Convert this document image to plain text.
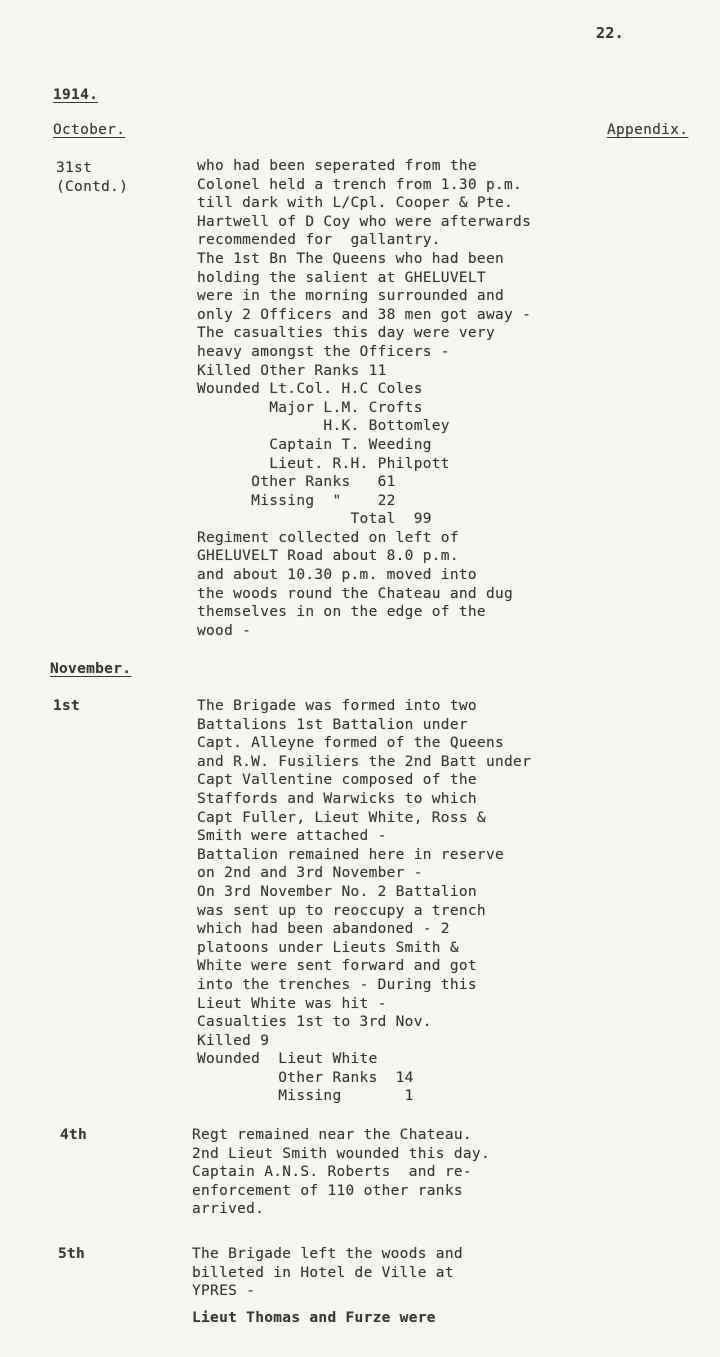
22.
1914.
October.	Appendix.
31st
(Contd.)
who had been seperated from the
Colonel held a trench from 1.30 p.m.
till dark with L/Cpl. Cooper & Pte.
Hartwell of D Coy who were afterwards
recommended for  gallantry.
The 1st Bn The Queens who had been
holding the salient at GHELUVELT
were in the morning surrounded and
only 2 Officers and 38 men got away -
The casualties this day were very
heavy amongst the Officers -
Killed Other Ranks 11
Wounded Lt.Col. H.C Coles
Major L.M. Crofts
H.K. Bottomley
Captain T. Weeding
Lieut. R.H. Philpott
Other Ranks   61
Missing  "    22
Total  99
Regiment collected on left of
GHELUVELT Road about 8.0 p.m.
and about 10.30 p.m. moved into
the woods round the Chateau and dug
themselves in on the edge of the
wood -
November.
1st	The Brigade was formed into two
Battalions 1st Battalion under
Capt. Alleyne formed of the Queens
and R.W. Fusiliers the 2nd Batt under
Capt Vallentine composed of the
Staffords and Warwicks to which
Capt Fuller, Lieut White, Ross &
Smith were attached -
Battalion remained here in reserve
on 2nd and 3rd November -
On 3rd November No. 2 Battalion
was sent up to reoccupy a trench
which had been abandoned - 2
platoons under Lieuts Smith &
White were sent forward and got
into the trenches - During this
Lieut White was hit -
Casualties 1st to 3rd Nov.
Killed 9
Wounded  Lieut White
Other Ranks  14
Missing       1
4th	Regt remained near the Chateau.
2nd Lieut Smith wounded this day.
Captain A.N.S. Roberts  and re-
enforcement of 110 other ranks
arrived.
5th	The Brigade left the woods and
billeted in Hotel de Ville at
YPRES -
Lieut Thomas and Furze were
